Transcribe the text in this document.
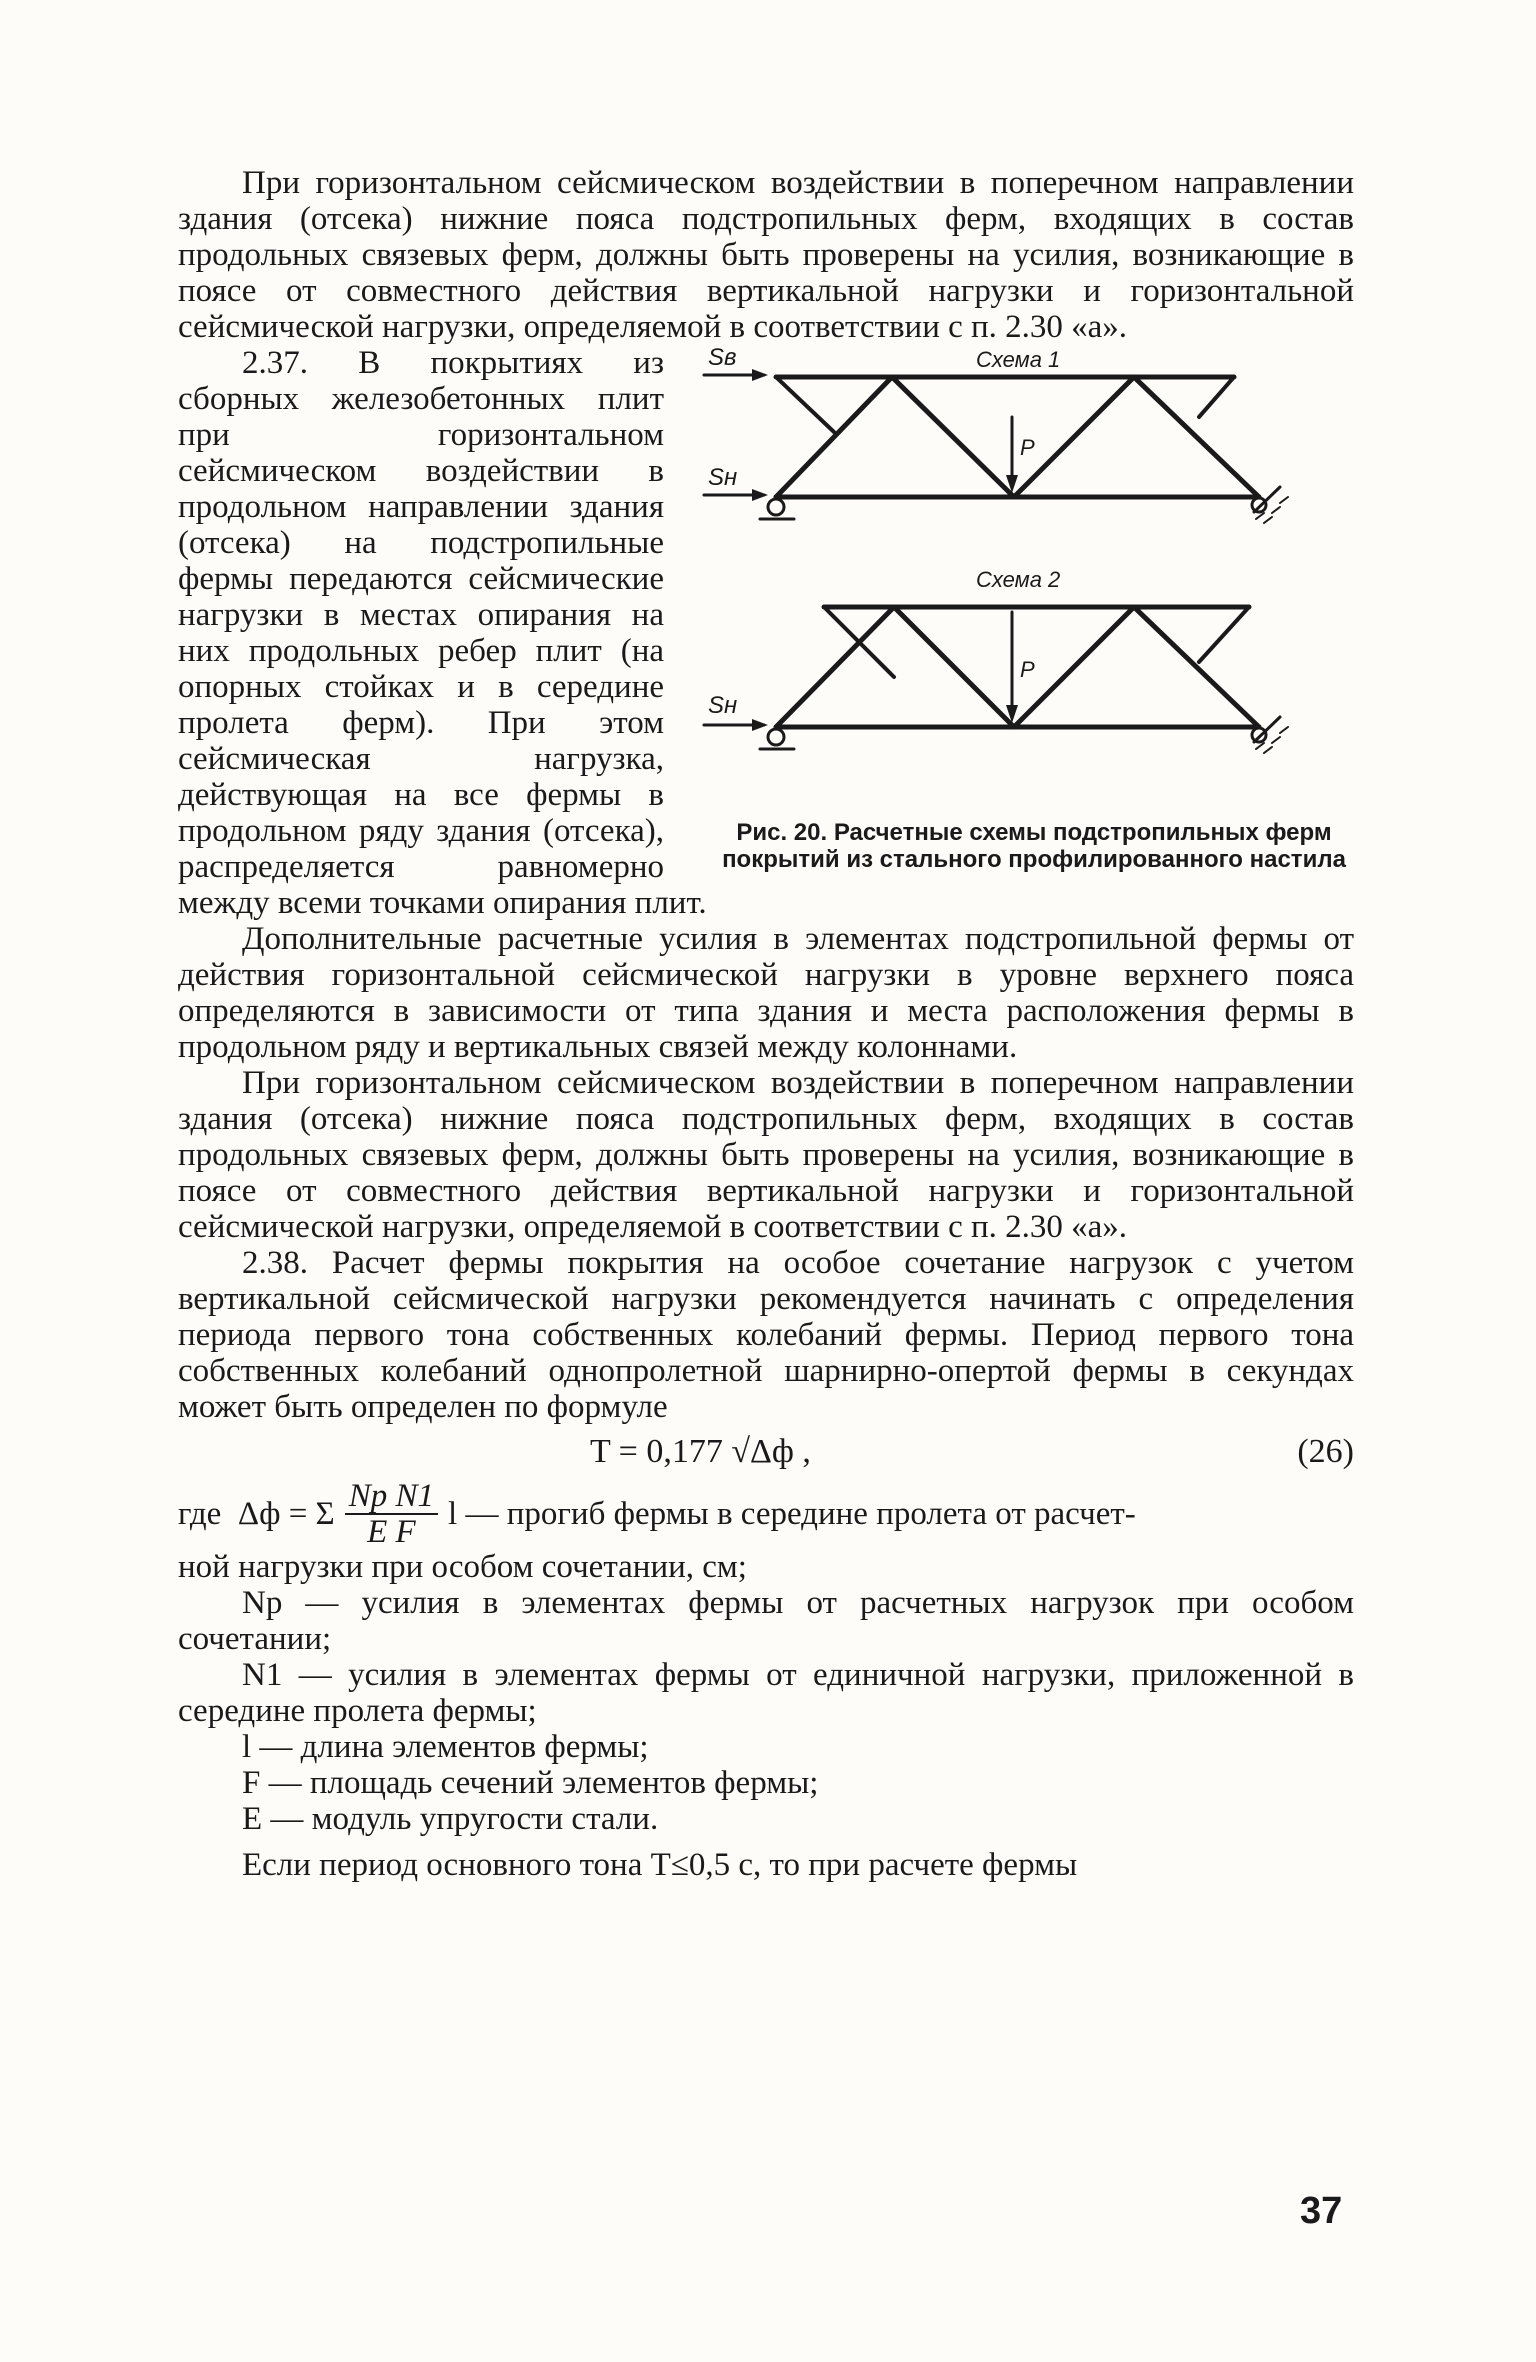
При горизонтальном сейсмическом воздействии в поперечном направлении здания (отсека) нижние пояса подстропильных ферм, входящих в состав продольных связевых ферм, должны быть проверены на усилия, возникающие в поясе от совместного действия вертикальной нагрузки и горизонтальной сейсмической нагрузки, определяемой в соответствии с п. 2.30 «а».

Схема 1
Sв
Sн
P
Схема 2
Sн
P
Рис. 20. Расчетные схемы подстропильных ферм покрытий из стального профилированного настила

2.37. В покрытиях из сборных железобетонных плит при горизонтальном сейсмическом воздействии в продольном направлении здания (отсека) на подстропильные фермы передаются сейсмические нагрузки в местах опирания на них продольных ребер плит (на опорных стойках и в середине пролета ферм). При этом сейсмическая нагрузка, действующая на все фермы в продольном ряду здания (отсека), распределяется равномерно между всеми точками опирания плит.

Дополнительные расчетные усилия в элементах подстропильной фермы от действия горизонтальной сейсмической нагрузки в уровне верхнего пояса определяются в зависимости от типа здания и места расположения фермы в продольном ряду и вертикальных связей между колоннами.

При горизонтальном сейсмическом воздействии в поперечном направлении здания (отсека) нижние пояса подстропильных ферм, входящих в состав продольных связевых ферм, должны быть проверены на усилия, возникающие в поясе от совместного действия вертикальной нагрузки и горизонтальной сейсмической нагрузки, определяемой в соответствии с п. 2.30 «а».

2.38. Расчет фермы покрытия на особое сочетание нагрузок с учетом вертикальной сейсмической нагрузки рекомендуется начинать с определения периода первого тона собственных колебаний фермы. Период первого тона собственных колебаний однопролетной шарнирно-опертой фермы в секундах может быть определен по формуле

T = 0,177 √Δф ,	(26)
где
Δф = Σ $\frac{\text{Np N1}}{\text{E F}}$ l — прогиб фермы в середине пролета от расчет-

ной нагрузки при особом сочетании, см;

Np — усилия в элементах фермы от расчетных нагрузок при особом сочетании;

N1 — усилия в элементах фермы от единичной нагрузки, приложенной в середине пролета фермы;

l — длина элементов фермы;

F — площадь сечений элементов фермы;

E — модуль упругости стали.

Если период основного тона T≤0,5 с, то при расчете фермы

37
